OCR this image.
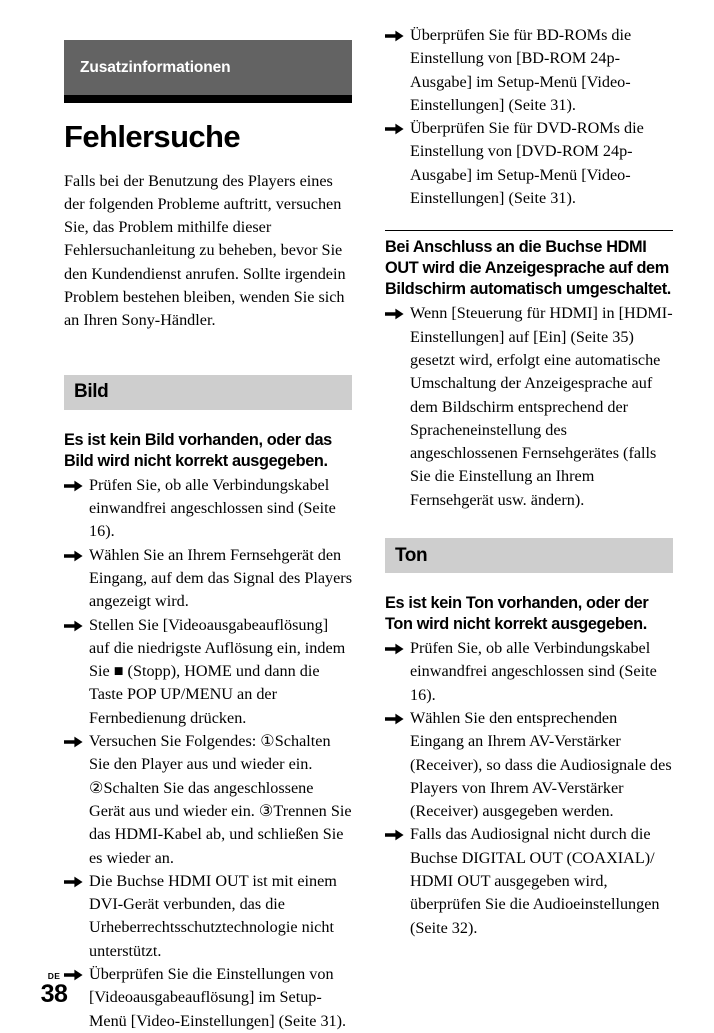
Zusatzinformationen
Fehlersuche

Falls bei der Benutzung des Players eines der folgenden Probleme auftritt, versuchen Sie, das Problem mithilfe dieser Fehlersuchanleitung zu beheben, bevor Sie den Kundendienst anrufen. Sollte irgendein Problem bestehen bleiben, wenden Sie sich an Ihren Sony-Händler.

Bild
Es ist kein Bild vorhanden, oder das Bild wird nicht korrekt ausgegeben.
Prüfen Sie, ob alle Verbindungskabel einwandfrei angeschlossen sind (Seite 16).
Wählen Sie an Ihrem Fernsehgerät den Eingang, auf dem das Signal des Players angezeigt wird.
Stellen Sie [Videoausgabeauflösung] auf die niedrigste Auflösung ein, indem Sie ■ (Stopp), HOME und dann die Taste POP UP/MENU an der Fernbedienung drücken.
Versuchen Sie Folgendes: ①Schalten Sie den Player aus und wieder ein. ②Schalten Sie das angeschlossene Gerät aus und wieder ein. ③Trennen Sie das HDMI-Kabel ab, und schließen Sie es wieder an.
Die Buchse HDMI OUT ist mit einem DVI-Gerät verbunden, das die Urheberrechtsschutztechnologie nicht unterstützt.
Überprüfen Sie die Einstellungen von [Videoausgabeauflösung] im Setup-Menü [Video-Einstellungen] (Seite 31).
Überprüfen Sie für BD-ROMs die Einstellung von [BD-ROM 24p-Ausgabe] im Setup-Menü [Video-Einstellungen] (Seite 31).
Überprüfen Sie für DVD-ROMs die Einstellung von [DVD-ROM 24p-Ausgabe] im Setup-Menü [Video-Einstellungen] (Seite 31).
Bei Anschluss an die Buchse HDMI OUT wird die Anzeigesprache auf dem Bildschirm automatisch umgeschaltet.
Wenn [Steuerung für HDMI] in [HDMI-Einstellungen] auf [Ein] (Seite 35) gesetzt wird, erfolgt eine automatische Umschaltung der Anzeigesprache auf dem Bildschirm entsprechend der Spracheneinstellung des angeschlossenen Fernsehgerätes (falls Sie die Einstellung an Ihrem Fernsehgerät usw. ändern).
Ton
Es ist kein Ton vorhanden, oder der Ton wird nicht korrekt ausgegeben.
Prüfen Sie, ob alle Verbindungskabel einwandfrei angeschlossen sind (Seite 16).
Wählen Sie den entsprechenden Eingang an Ihrem AV-Verstärker (Receiver), so dass die Audiosignale des Players von Ihrem AV-Verstärker (Receiver) ausgegeben werden.
Falls das Audiosignal nicht durch die Buchse DIGITAL OUT (COAXIAL)/ HDMI OUT ausgegeben wird, überprüfen Sie die Audioeinstellungen (Seite 32).
DE
38
